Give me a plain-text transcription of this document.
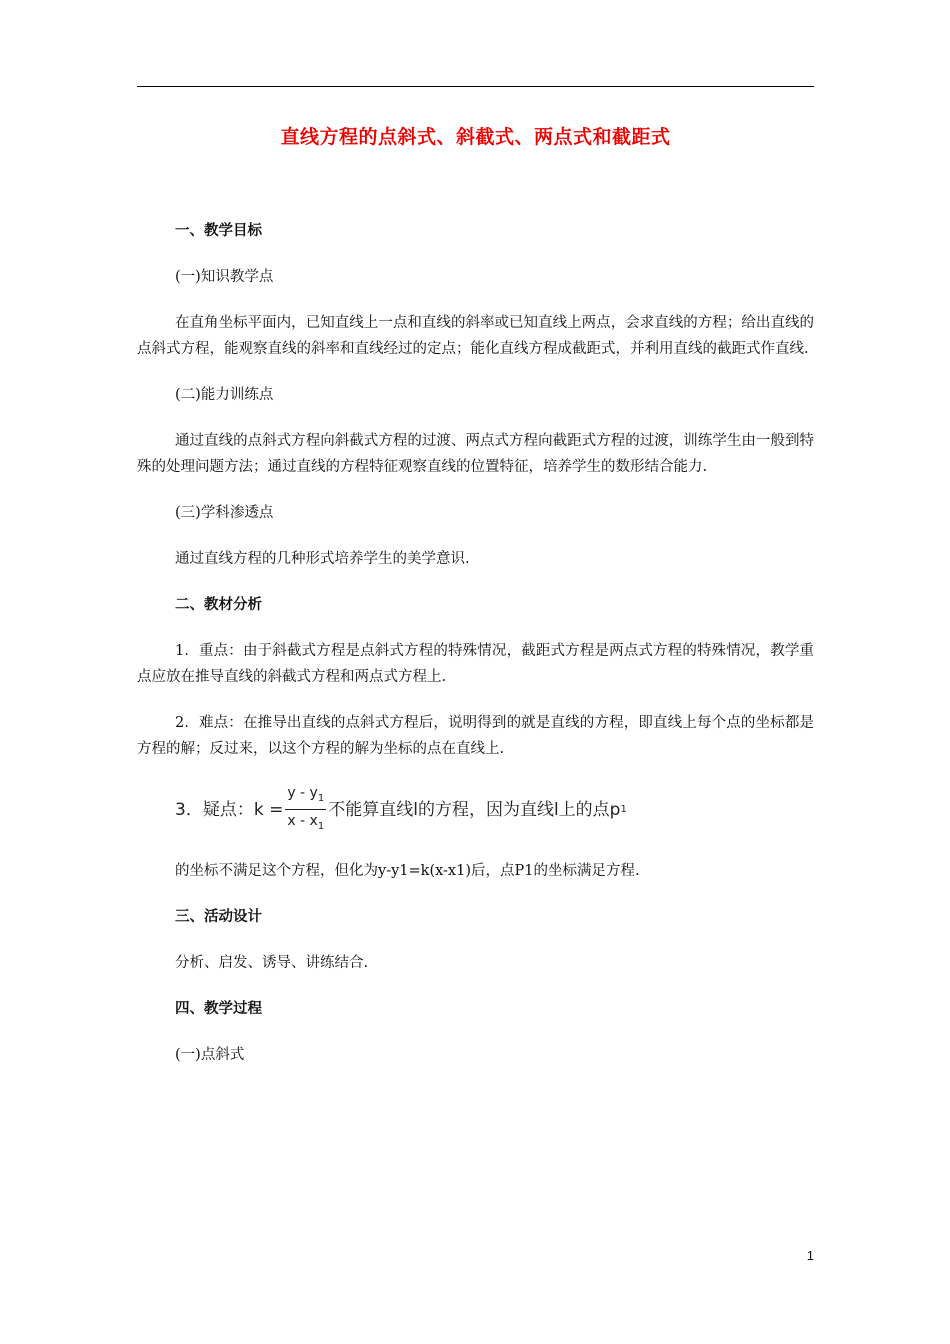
直线方程的点斜式、斜截式、两点式和截距式
一、教学目标
(一)知识教学点
在直角坐标平面内，已知直线上一点和直线的斜率或已知直线上两点，会求直线的方程；给出直线的点斜式方程，能观察直线的斜率和直线经过的定点；能化直线方程成截距式，并利用直线的截距式作直线.
(二)能力训练点
通过直线的点斜式方程向斜截式方程的过渡、两点式方程向截距式方程的过渡，训练学生由一般到特殊的处理问题方法；通过直线的方程特征观察直线的位置特征，培养学生的数形结合能力.
(三)学科渗透点
通过直线方程的几种形式培养学生的美学意识.
二、教材分析
1．重点：由于斜截式方程是点斜式方程的特殊情况，截距式方程是两点式方程的特殊情况，教学重点应放在推导直线的斜截式方程和两点式方程上.
2．难点：在推导出直线的点斜式方程后，说明得到的就是直线的方程，即直线上每个点的坐标都是方程的解；反过来，以这个方程的解为坐标的点在直线上.
3．疑点：$k = \frac{y - y_1}{x - x_1}$ 不能算直线l的方程，因为直线l上的点p 1
的坐标不满足这个方程，但化为y-y1=k(x-x1)后，点P1的坐标满足方程.
三、活动设计
分析、启发、诱导、讲练结合.
四、教学过程
(一)点斜式
1
